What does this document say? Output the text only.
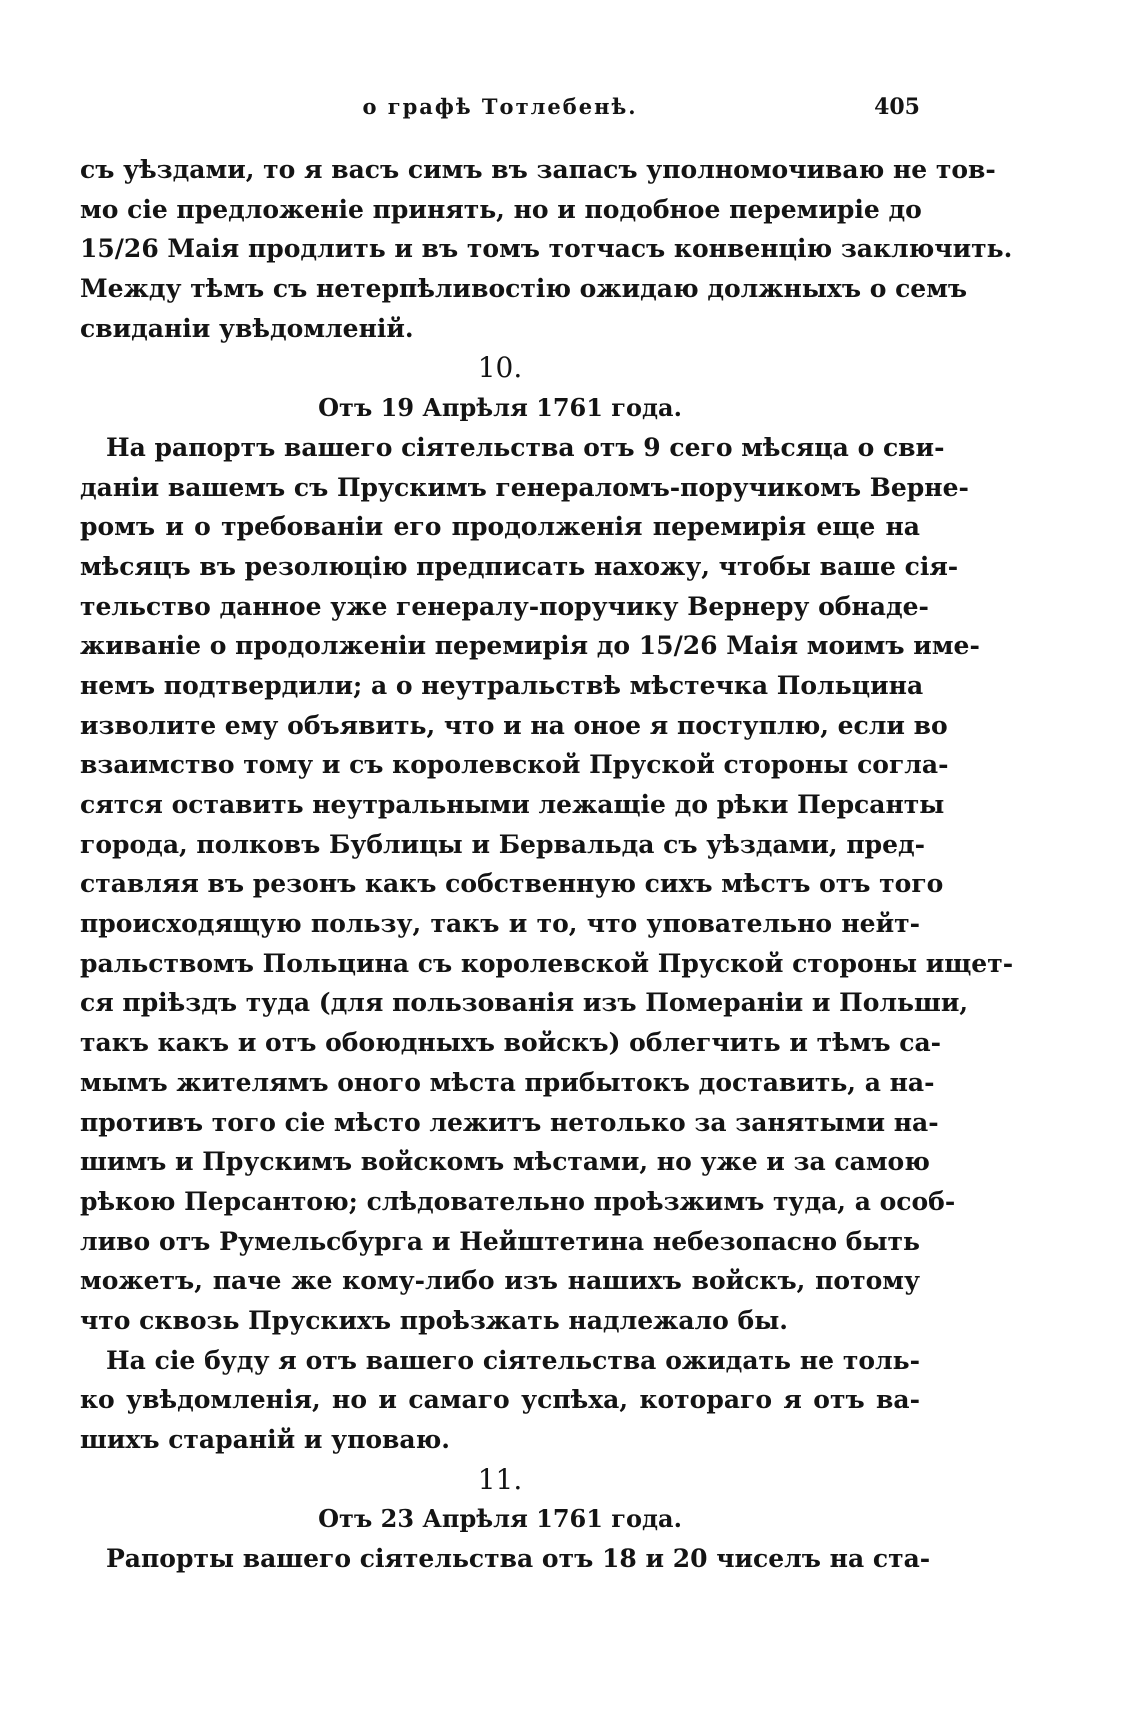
о графѣ Тотлебенѣ.	405
съ уѣздами, то я васъ симъ въ запасъ уполномочиваю не тов-
мо сіе предложеніе принять, но и подобное перемиріе до
15/26 Маія продлить и въ томъ тотчасъ конвенцію заключить.
Между тѣмъ съ нетерпѣливостію ожидаю должныхъ о семъ
свиданіи увѣдомленій.
10.
Отъ 19 Апрѣля 1761 года.
На рапортъ вашего сіятельства отъ 9 сего мѣсяца о сви-
даніи вашемъ съ Прускимъ генераломъ-поручикомъ Верне-
ромъ и о требованіи его продолженія перемирія еще на
мѣсяцъ въ резолюцію предписать нахожу, чтобы ваше сія-
тельство данное уже генералу-поручику Вернеру обнаде-
живаніе о продолженіи перемирія до 15/26 Маія моимъ име-
немъ подтвердили; а о неутральствѣ мѣстечка Польцина
изволите ему объявить, что и на оное я поступлю, если во
взаимство тому и съ королевской Пруской стороны согла-
сятся оставить неутральными лежащіе до рѣки Персанты
города, полковъ Бублицы и Бервальда съ уѣздами, пред-
ставляя въ резонъ какъ собственную сихъ мѣстъ отъ того
происходящую пользу, такъ и то, что уповательно нейт-
ральствомъ Польцина съ королевской Пруской стороны ищет-
ся пріѣздъ туда (для пользованія изъ Помераніи и Польши,
такъ какъ и отъ обоюдныхъ войскъ) облегчить и тѣмъ са-
мымъ жителямъ оного мѣста прибытокъ доставить, а на-
противъ того сіе мѣсто лежитъ нетолько за занятыми на-
шимъ и Прускимъ войскомъ мѣстами, но уже и за самою
рѣкою Персантою; слѣдовательно проѣзжимъ туда, а особ-
ливо отъ Румельсбурга и Нейштетина небезопасно быть
можетъ, паче же кому-либо изъ нашихъ войскъ, потому
что сквозь Прускихъ проѣзжать надлежало бы.
На сіе буду я отъ вашего сіятельства ожидать не толь-
ко увѣдомленія, но и самаго успѣха, котораго я отъ ва-
шихъ стараній и уповаю.
11.
Отъ 23 Апрѣля 1761 года.
Рапорты вашего сіятельства отъ 18 и 20 чиселъ на ста-
